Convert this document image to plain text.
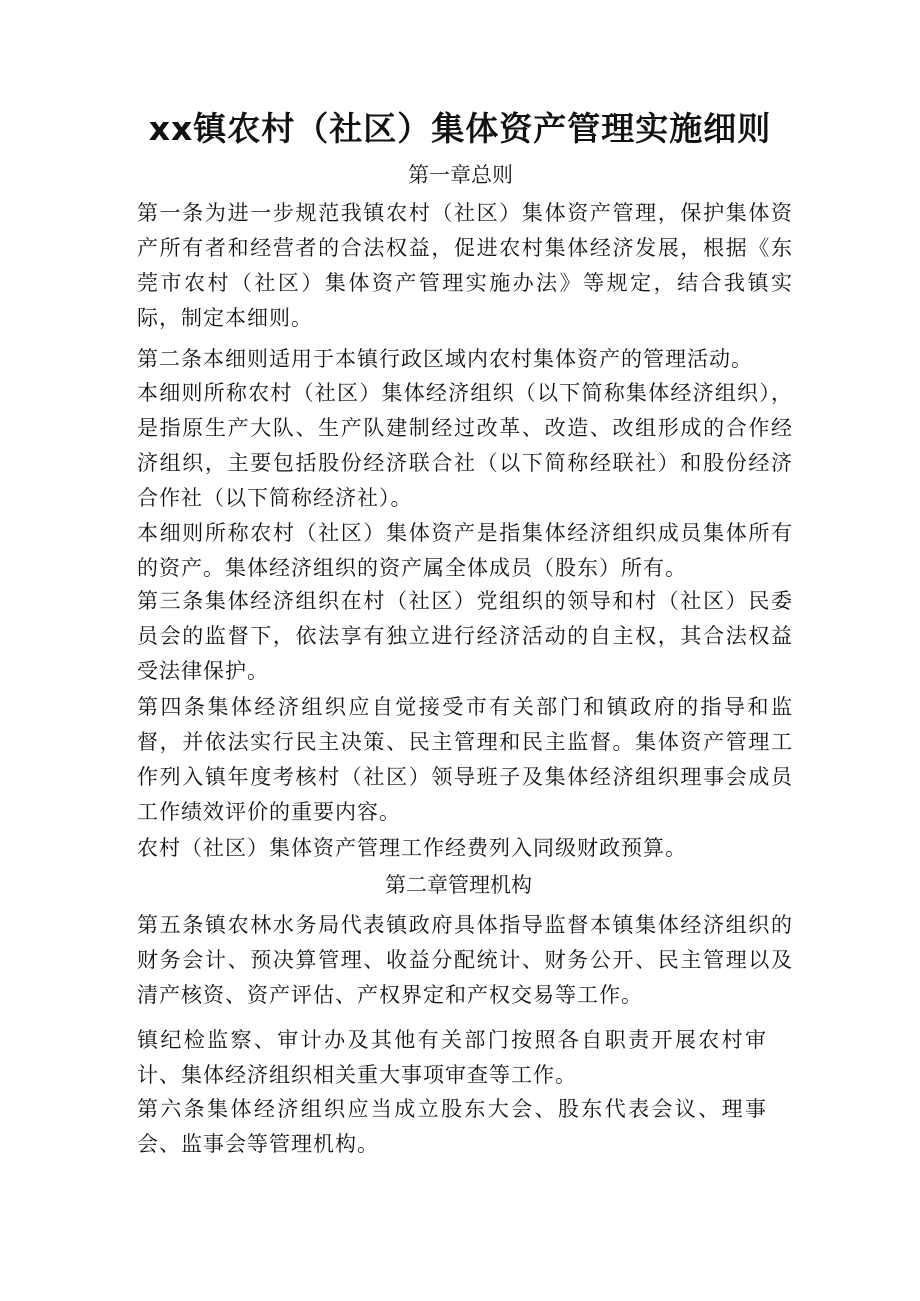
xx镇农村（社区）集体资产管理实施细则

第一章总则

第一条为进一步规范我镇农村（社区）集体资产管理，保护集体资产所有者和经营者的合法权益，促进农村集体经济发展，根据《东莞市农村（社区）集体资产管理实施办法》等规定，结合我镇实际，制定本细则。

第二条本细则适用于本镇行政区域内农村集体资产的管理活动。

本细则所称农村（社区）集体经济组织（以下简称集体经济组织），是指原生产大队、生产队建制经过改革、改造、改组形成的合作经济组织，主要包括股份经济联合社（以下简称经联社）和股份经济合作社（以下简称经济社）。

本细则所称农村（社区）集体资产是指集体经济组织成员集体所有的资产。集体经济组织的资产属全体成员（股东）所有。

第三条集体经济组织在村（社区）党组织的领导和村（社区）民委员会的监督下，依法享有独立进行经济活动的自主权，其合法权益受法律保护。

第四条集体经济组织应自觉接受市有关部门和镇政府的指导和监督，并依法实行民主决策、民主管理和民主监督。集体资产管理工作列入镇年度考核村（社区）领导班子及集体经济组织理事会成员工作绩效评价的重要内容。

农村（社区）集体资产管理工作经费列入同级财政预算。

第二章管理机构

第五条镇农林水务局代表镇政府具体指导监督本镇集体经济组织的财务会计、预决算管理、收益分配统计、财务公开、民主管理以及清产核资、资产评估、产权界定和产权交易等工作。

镇纪检监察、审计办及其他有关部门按照各自职责开展农村审计、集体经济组织相关重大事项审查等工作。

第六条集体经济组织应当成立股东大会、股东代表会议、理事会、监事会等管理机构。
